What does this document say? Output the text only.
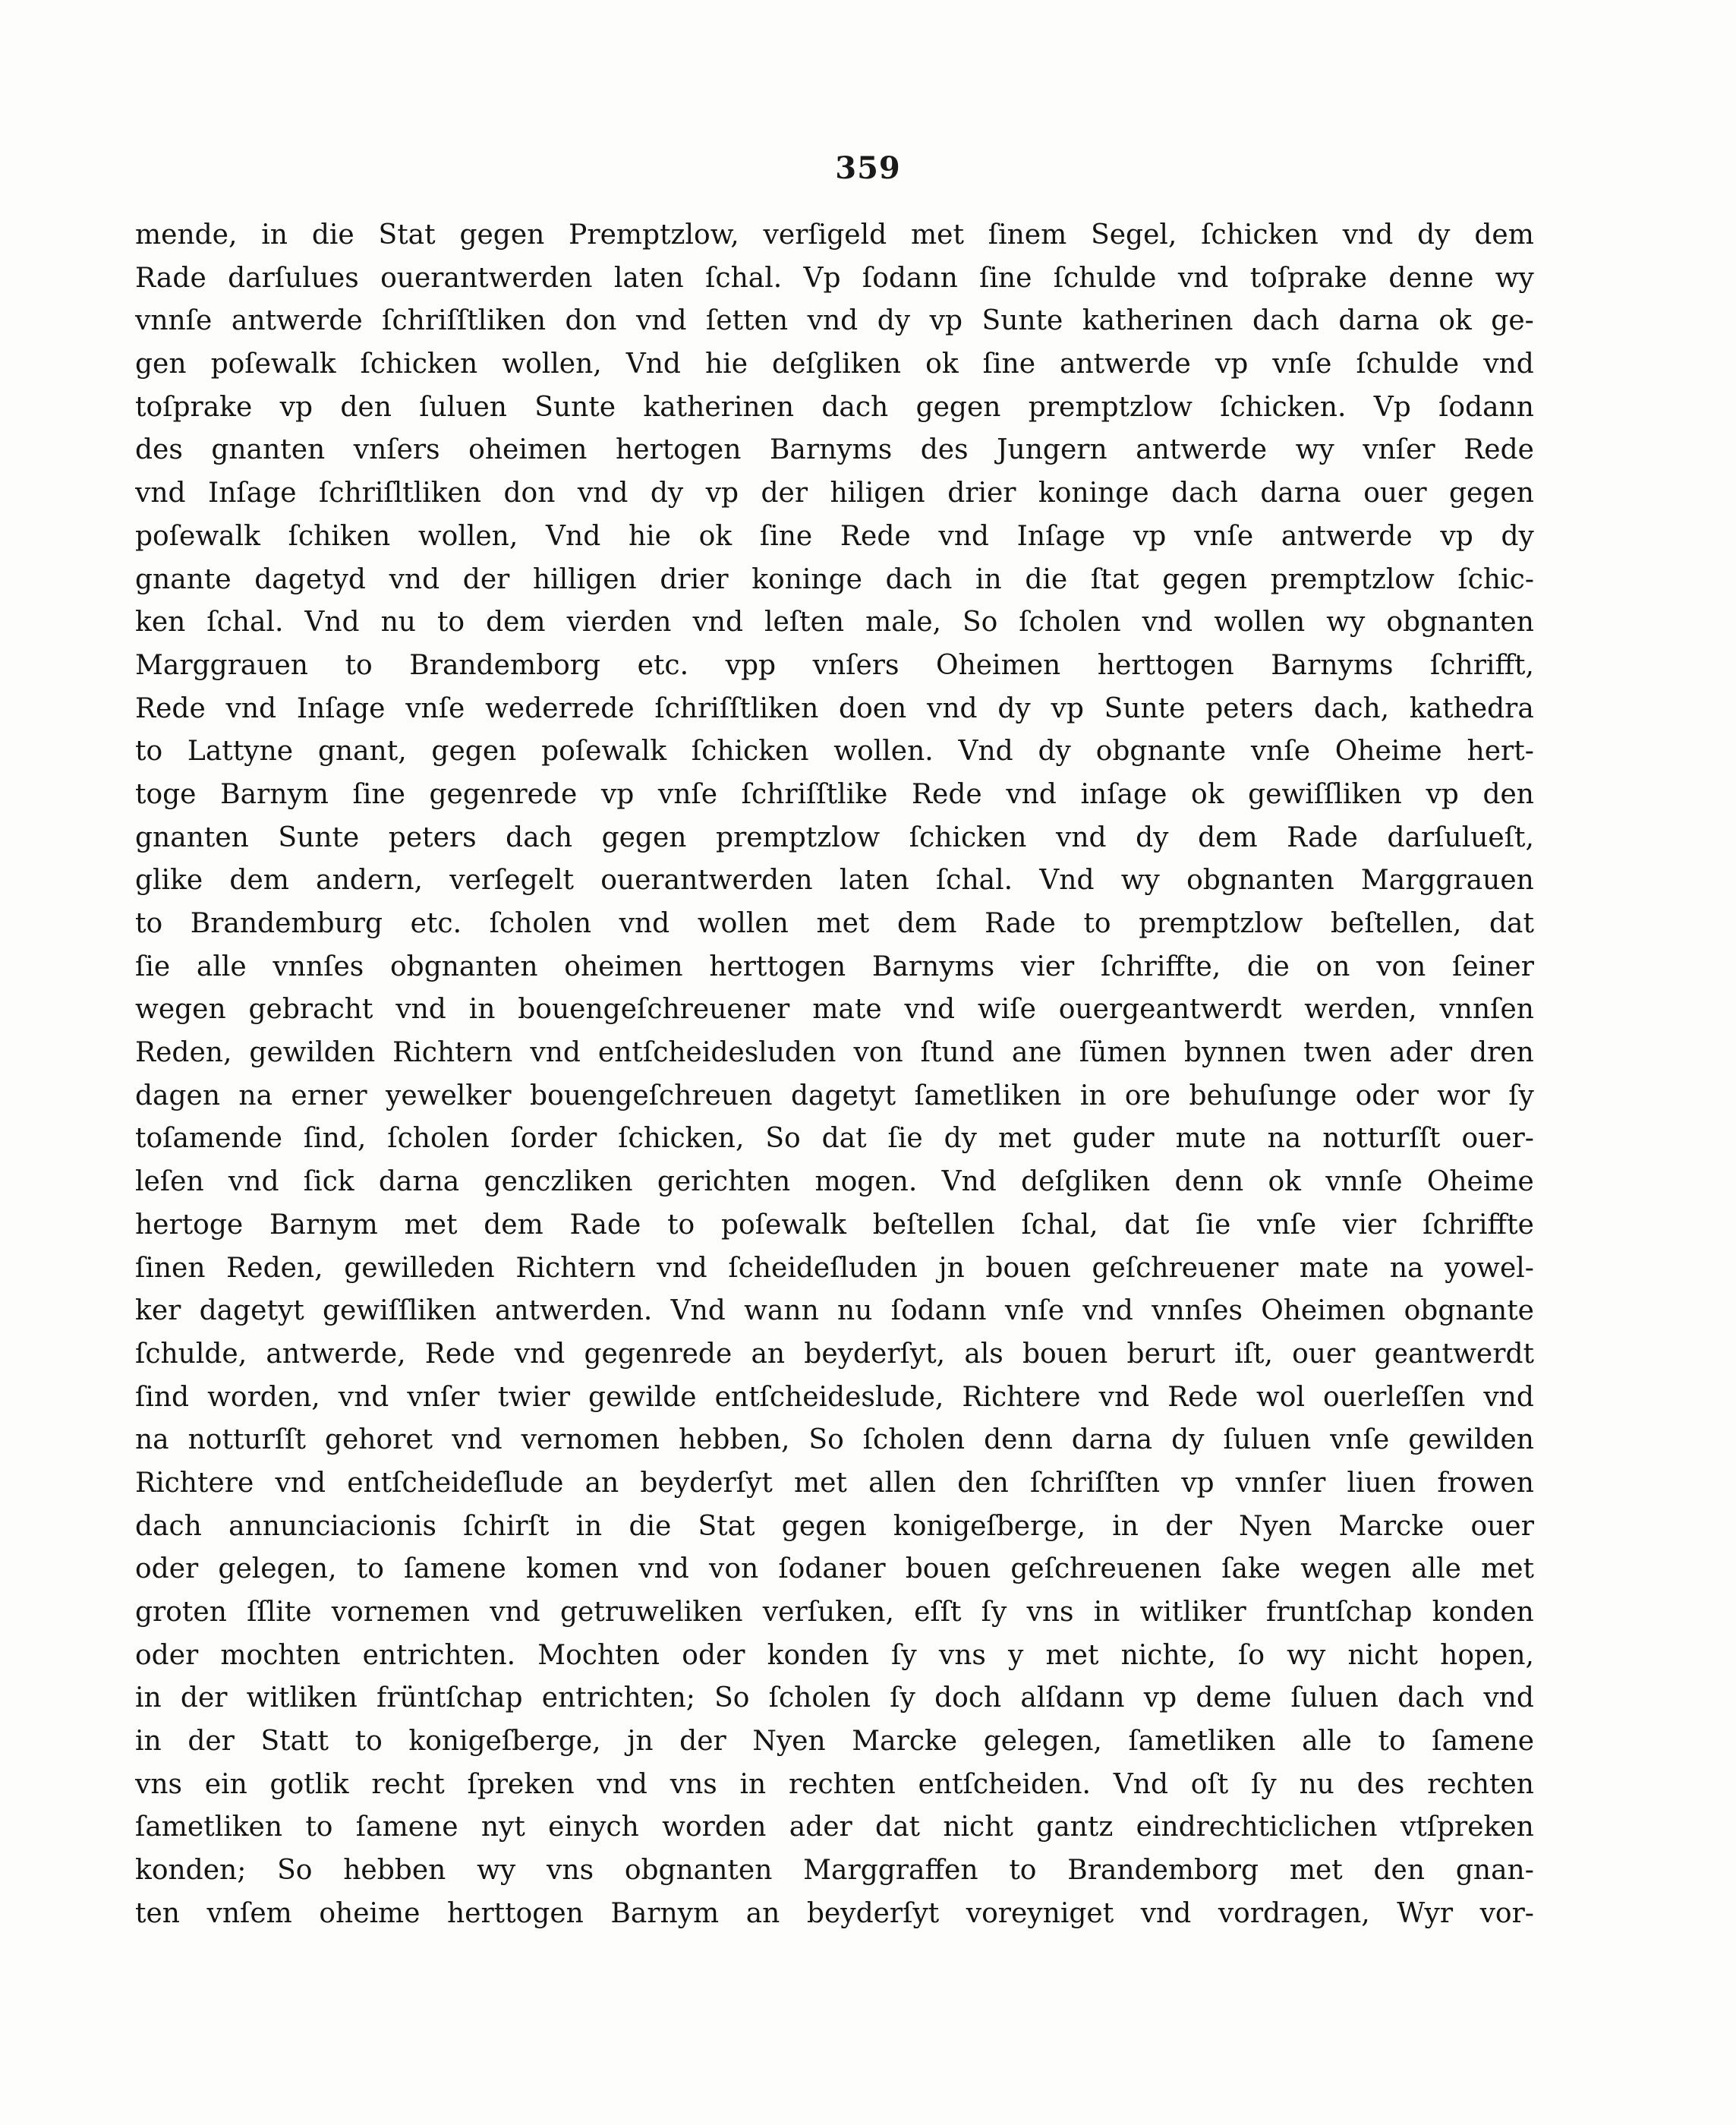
359
mende, in die Stat gegen Premptzlow, verſigeld met ſinem Segel, ſchicken vnd dy dem
Rade darſulues ouerantwerden laten ſchal. Vp ſodann ſine ſchulde vnd toſprake denne wy
vnnſe antwerde ſchriſſtliken don vnd ſetten vnd dy vp Sunte katherinen dach darna ok ge-
gen poſewalk ſchicken wollen, Vnd hie deſgliken ok ſine antwerde vp vnſe ſchulde vnd
toſprake vp den ſuluen Sunte katherinen dach gegen premptzlow ſchicken. Vp ſodann
des gnanten vnſers oheimen hertogen Barnyms des Jungern antwerde wy vnſer Rede
vnd Inſage ſchriſltliken don vnd dy vp der hiligen drier koninge dach darna ouer gegen
poſewalk ſchiken wollen, Vnd hie ok ſine Rede vnd Inſage vp vnſe antwerde vp dy
gnante dagetyd vnd der hilligen drier koninge dach in die ſtat gegen premptzlow ſchic-
ken ſchal. Vnd nu to dem vierden vnd leſten male, So ſcholen vnd wollen wy obgnanten
Marggrauen to Brandemborg etc. vpp vnſers Oheimen herttogen Barnyms ſchrifft,
Rede vnd Inſage vnſe wederrede ſchriſſtliken doen vnd dy vp Sunte peters dach, kathedra
to Lattyne gnant, gegen poſewalk ſchicken wollen. Vnd dy obgnante vnſe Oheime hert-
toge Barnym ſine gegenrede vp vnſe ſchriſſtlike Rede vnd inſage ok gewiſſliken vp den
gnanten Sunte peters dach gegen premptzlow ſchicken vnd dy dem Rade darſulueſt,
glike dem andern, verſegelt ouerantwerden laten ſchal. Vnd wy obgnanten Marggrauen
to Brandemburg etc. ſcholen vnd wollen met dem Rade to premptzlow beſtellen, dat
ſie alle vnnſes obgnanten oheimen herttogen Barnyms vier ſchriffte, die on von ſeiner
wegen gebracht vnd in bouengeſchreuener mate vnd wiſe ouergeantwerdt werden, vnnſen
Reden, gewilden Richtern vnd entſcheidesluden von ſtund ane ſümen bynnen twen ader dren
dagen na erner yewelker bouengeſchreuen dagetyt ſametliken in ore behuſunge oder wor ſy
toſamende ſind, ſcholen ſorder ſchicken, So dat ſie dy met guder mute na notturſſt ouer-
leſen vnd ſick darna genczliken gerichten mogen. Vnd deſgliken denn ok vnnſe Oheime
hertoge Barnym met dem Rade to poſewalk beſtellen ſchal, dat ſie vnſe vier ſchriffte
ſinen Reden, gewilleden Richtern vnd ſcheideſluden jn bouen geſchreuener mate na yowel-
ker dagetyt gewiſſliken antwerden. Vnd wann nu ſodann vnſe vnd vnnſes Oheimen obgnante
ſchulde, antwerde, Rede vnd gegenrede an beyderſyt, als bouen berurt iſt, ouer geantwerdt
ſind worden, vnd vnſer twier gewilde entſcheideslude, Richtere vnd Rede wol ouerleſſen vnd
na notturſſt gehoret vnd vernomen hebben, So ſcholen denn darna dy ſuluen vnſe gewilden
Richtere vnd entſcheideſlude an beyderſyt met allen den ſchriſſten vp vnnſer liuen frowen
dach annunciacionis ſchirſt in die Stat gegen konigeſberge, in der Nyen Marcke ouer
oder gelegen, to ſamene komen vnd von ſodaner bouen geſchreuenen ſake wegen alle met
groten ſſlite vornemen vnd getruweliken verſuken, eſſt ſy vns in witliker fruntſchap konden
oder mochten entrichten. Mochten oder konden ſy vns y met nichte, ſo wy nicht hopen,
in der witliken früntſchap entrichten; So ſcholen ſy doch alſdann vp deme ſuluen dach vnd
in der Statt to konigeſberge, jn der Nyen Marcke gelegen, ſametliken alle to ſamene
vns ein gotlik recht ſpreken vnd vns in rechten entſcheiden. Vnd oſt ſy nu des rechten
ſametliken to ſamene nyt einych worden ader dat nicht gantz eindrechticlichen vtſpreken
konden; So hebben wy vns obgnanten Marggraffen to Brandemborg met den gnan-
ten vnſem oheime herttogen Barnym an beyderſyt voreyniget vnd vordragen, Wyr vor-
